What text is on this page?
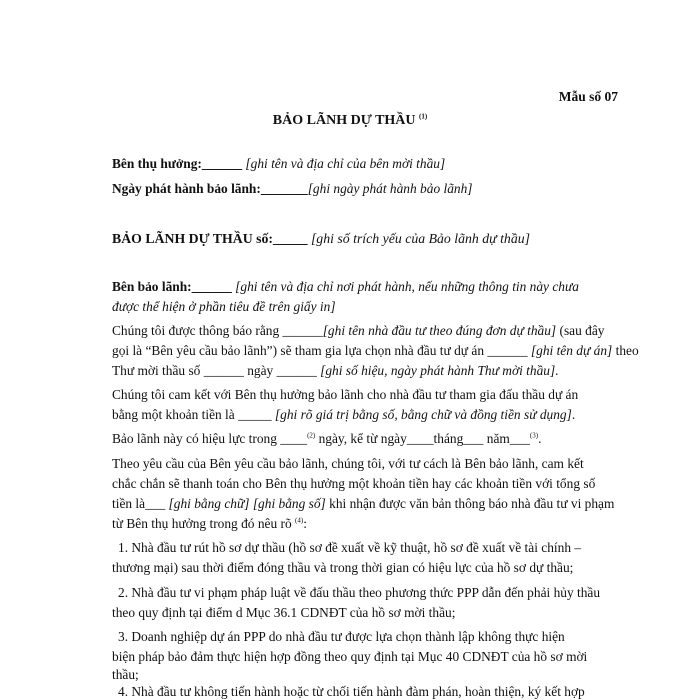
Mẫu số 07
BẢO LÃNH DỰ THẦU $^{(1)}$
Bên thụ hưởng:______ [ghi tên và địa chỉ của bên mời thầu]
Ngày phát hành bảo lãnh:_______[ghi ngày phát hành bảo lãnh]
BẢO LÃNH DỰ THẦU số:_____ [ghi số trích yếu của Bảo lãnh dự thầu]
Bên bảo lãnh:______ [ghi tên và địa chỉ nơi phát hành, nếu những thông tin này chưa
được thể hiện ở phần tiêu đề trên giấy in]
Chúng tôi được thông báo rằng ______[ghi tên nhà đầu tư theo đúng đơn dự thầu] (sau đây
gọi là “Bên yêu cầu bảo lãnh”) sẽ tham gia lựa chọn nhà đầu tư dự án ______ [ghi tên dự án] theo
Thư mời thầu số ______ ngày ______ [ghi số hiệu, ngày phát hành Thư mời thầu].
Chúng tôi cam kết với Bên thụ hưởng bảo lãnh cho nhà đầu tư tham gia đấu thầu dự án
bằng một khoản tiền là _____ [ghi rõ giá trị bằng số, bằng chữ và đồng tiền sử dụng].
Bảo lãnh này có hiệu lực trong ____$^{(2)}$ ngày, kể từ ngày____tháng___ năm___$^{(3)}$.
Theo yêu cầu của Bên yêu cầu bảo lãnh, chúng tôi, với tư cách là Bên bảo lãnh, cam kết
chắc chắn sẽ thanh toán cho Bên thụ hưởng một khoản tiền hay các khoản tiền với tổng số
tiền là___ [ghi bằng chữ] [ghi bằng số] khi nhận được văn bản thông báo nhà đầu tư vi phạm
từ Bên thụ hưởng trong đó nêu rõ $^{(4)}$:
1. Nhà đầu tư rút hồ sơ dự thầu (hồ sơ đề xuất về kỹ thuật, hồ sơ đề xuất về tài chính –
thương mại) sau thời điểm đóng thầu và trong thời gian có hiệu lực của hồ sơ dự thầu;
2. Nhà đầu tư vi phạm pháp luật về đấu thầu theo phương thức PPP dẫn đến phải hủy thầu
theo quy định tại điểm d Mục 36.1 CDNĐT của hồ sơ mời thầu;
3. Doanh nghiệp dự án PPP do nhà đầu tư được lựa chọn thành lập không thực hiện
biện pháp bảo đảm thực hiện hợp đồng theo quy định tại Mục 40 CDNĐT của hồ sơ mời
thầu;
4. Nhà đầu tư không tiến hành hoặc từ chối tiến hành đàm phán, hoàn thiện, ký kết hợp
